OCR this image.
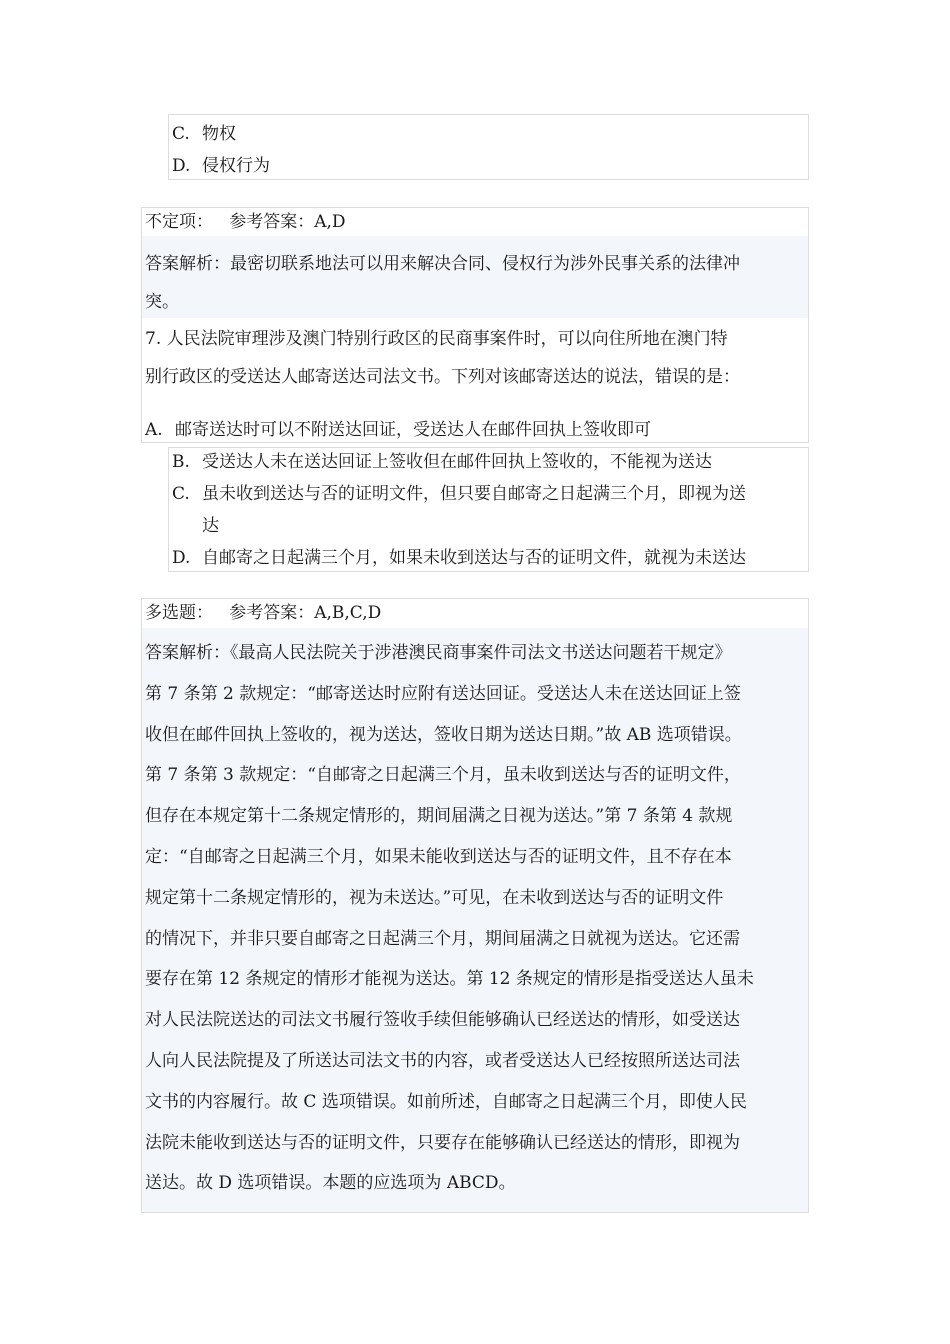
C. 物权
D. 侵权行为
不定项： 参考答案：A,D
答案解析：最密切联系地法可以用来解决合同、侵权行为涉外民事关系的法律冲
突。
7. 人民法院审理涉及澳门特别行政区的民商事案件时，可以向住所地在澳门特
别行政区的受送达人邮寄送达司法文书。下列对该邮寄送达的说法，错误的是：
A. 邮寄送达时可以不附送达回证，受送达人在邮件回执上签收即可
B. 受送达人未在送达回证上签收但在邮件回执上签收的，不能视为送达
C. 虽未收到送达与否的证明文件，但只要自邮寄之日起满三个月，即视为送
达
D. 自邮寄之日起满三个月，如果未收到送达与否的证明文件，就视为未送达
多选题： 参考答案：A,B,C,D
答案解析：《最高人民法院关于涉港澳民商事案件司法文书送达问题若干规定》
第 7 条第 2 款规定：“邮寄送达时应附有送达回证。受送达人未在送达回证上签
收但在邮件回执上签收的，视为送达，签收日期为送达日期。”故 AB 选项错误。
第 7 条第 3 款规定：“自邮寄之日起满三个月，虽未收到送达与否的证明文件，
但存在本规定第十二条规定情形的，期间届满之日视为送达。”第 7 条第 4 款规
定：“自邮寄之日起满三个月，如果未能收到送达与否的证明文件，且不存在本
规定第十二条规定情形的，视为未送达。”可见，在未收到送达与否的证明文件
的情况下，并非只要自邮寄之日起满三个月，期间届满之日就视为送达。它还需
要存在第 12 条规定的情形才能视为送达。第 12 条规定的情形是指受送达人虽未
对人民法院送达的司法文书履行签收手续但能够确认已经送达的情形，如受送达
人向人民法院提及了所送达司法文书的内容，或者受送达人已经按照所送达司法
文书的内容履行。故 C 选项错误。如前所述，自邮寄之日起满三个月，即使人民
法院未能收到送达与否的证明文件，只要存在能够确认已经送达的情形，即视为
送达。故 D 选项错误。本题的应选项为 ABCD。
